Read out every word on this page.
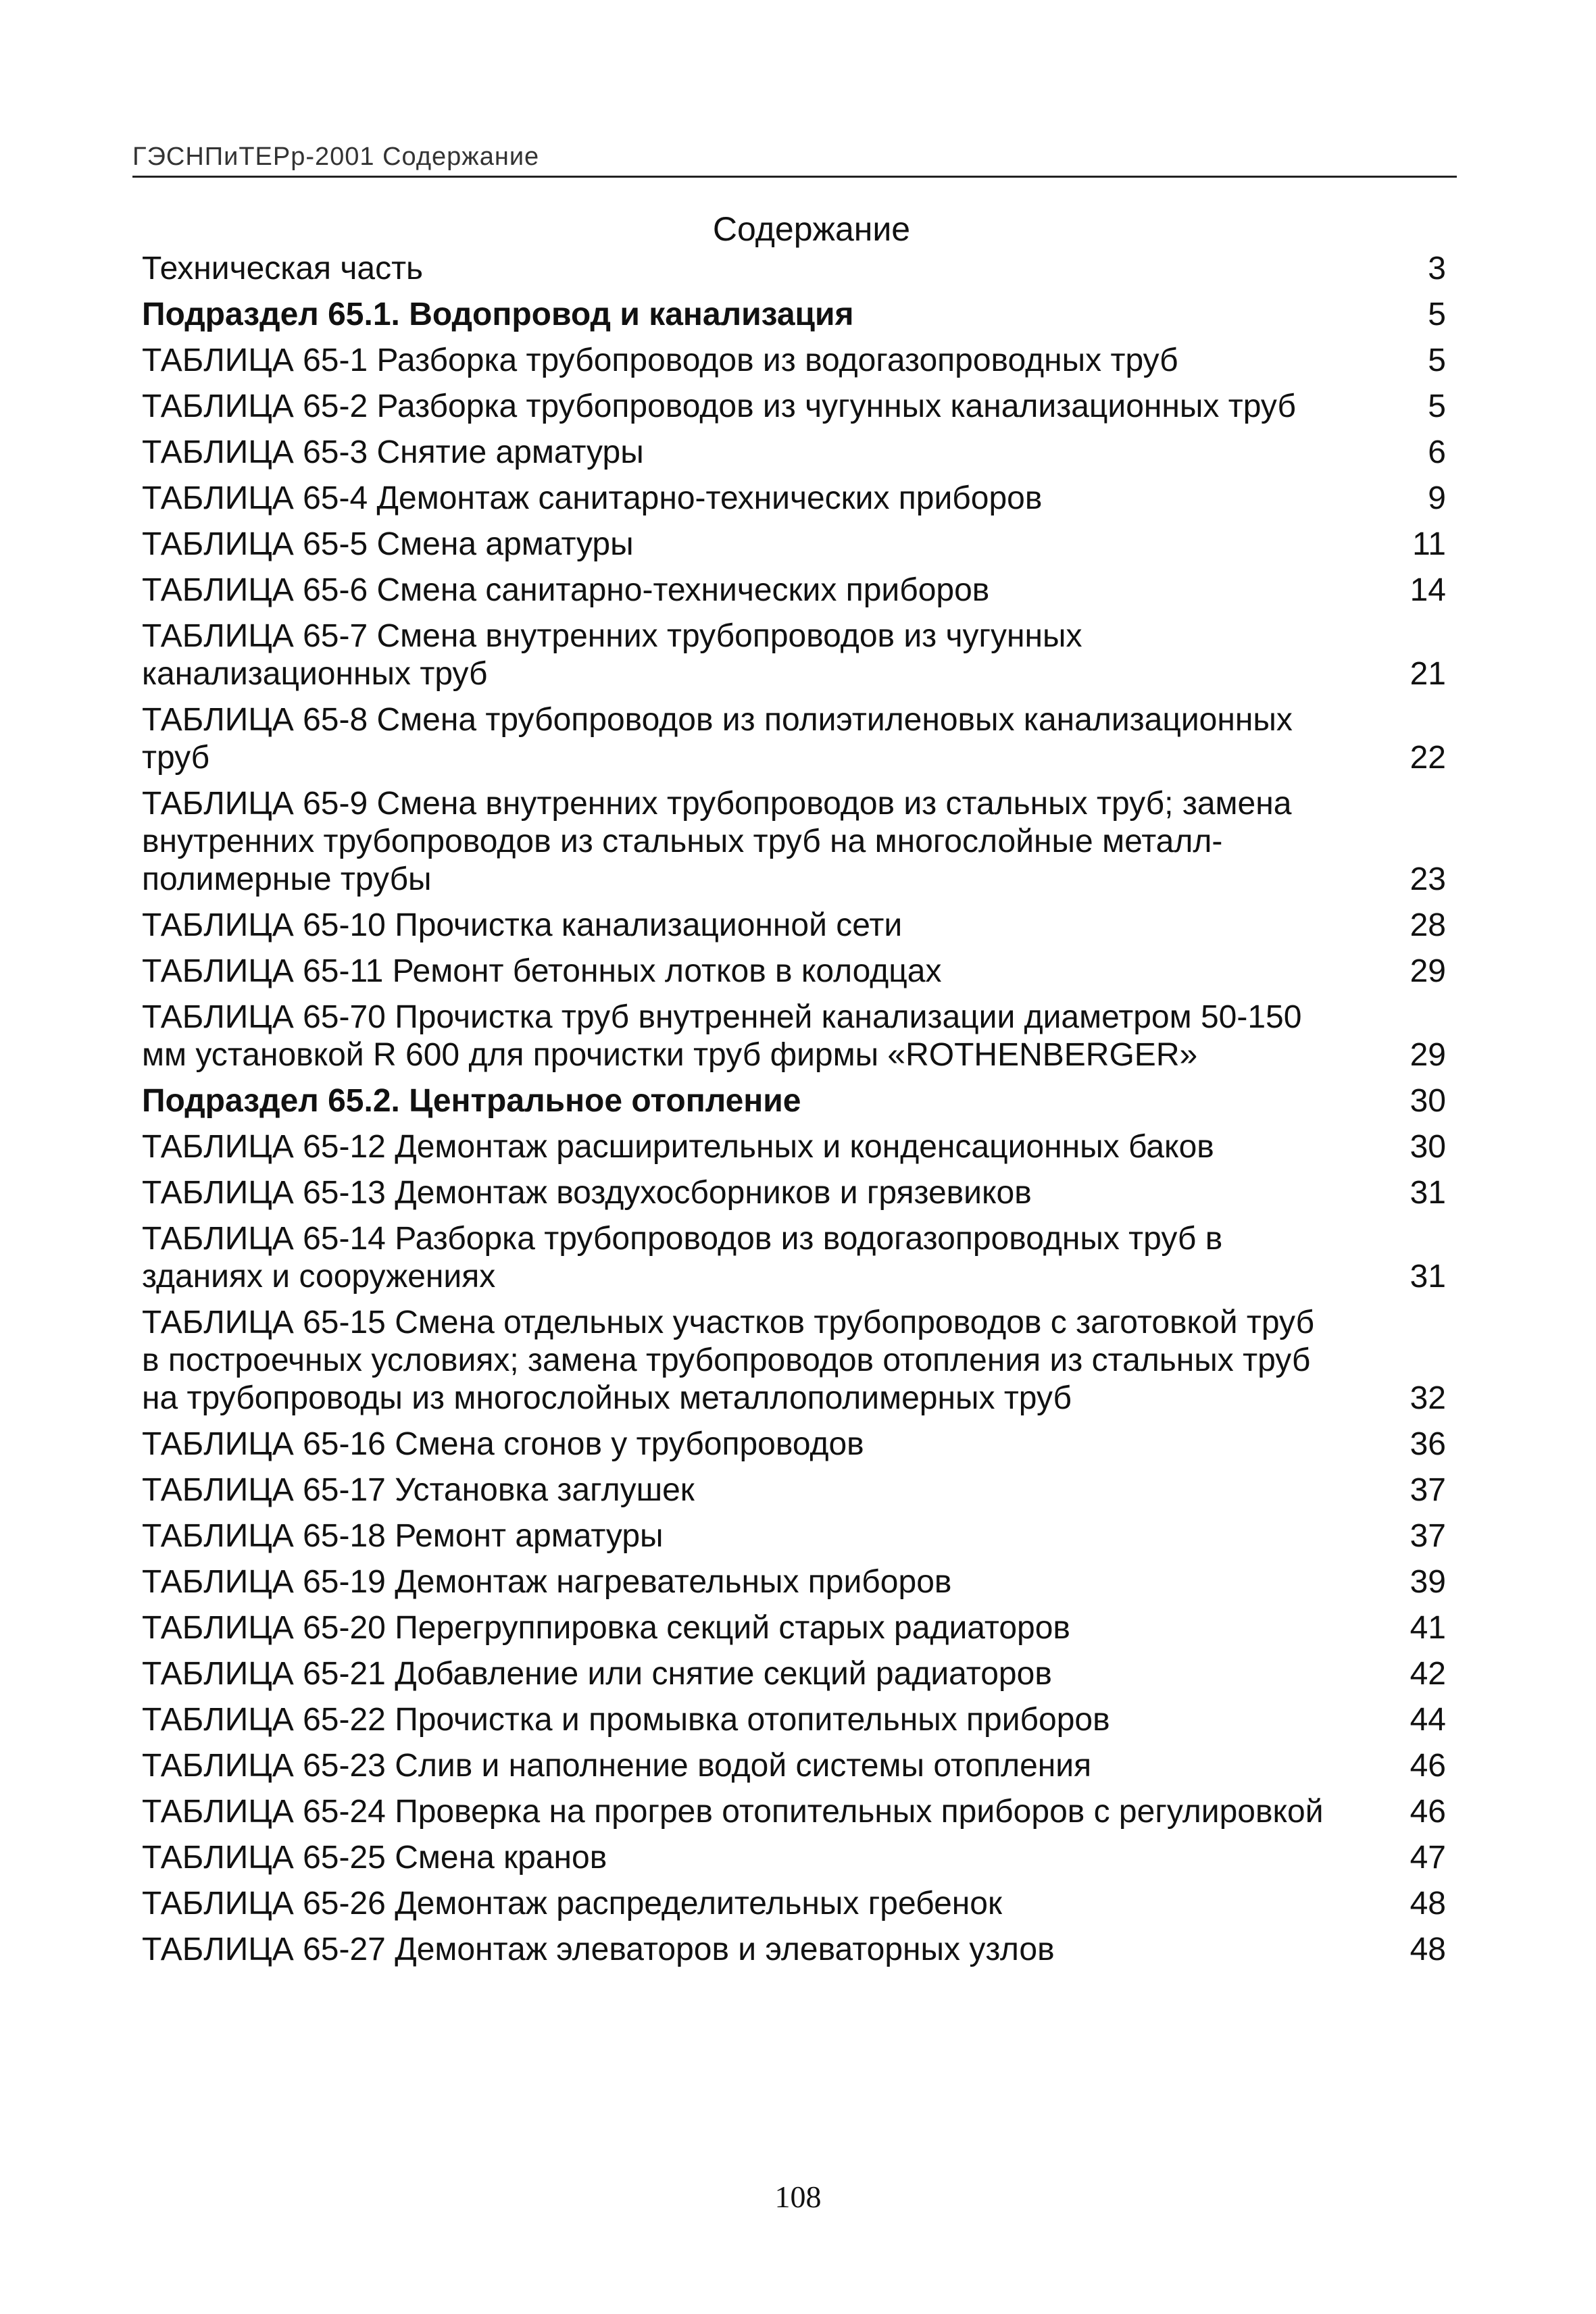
ГЭСНПиТЕРр-2001 Содержание
Содержание
Техническая часть	3
Подраздел 65.1. Водопровод и канализация	5
ТАБЛИЦА 65-1 Разборка трубопроводов из водогазопроводных труб	5
ТАБЛИЦА 65-2 Разборка трубопроводов из чугунных канализационных труб	5
ТАБЛИЦА 65-3 Снятие арматуры	6
ТАБЛИЦА 65-4 Демонтаж санитарно-технических приборов	9
ТАБЛИЦА 65-5 Смена арматуры	11
ТАБЛИЦА 65-6 Смена санитарно-технических приборов	14
ТАБЛИЦА 65-7 Смена внутренних трубопроводов из чугунных канализационных труб	21
ТАБЛИЦА 65-8 Смена трубопроводов из полиэтиленовых канализационных труб	22
ТАБЛИЦА 65-9 Смена внутренних трубопроводов из стальных труб; замена внутренних трубопроводов из стальных труб на многослойные металл-полимерные трубы	23
ТАБЛИЦА 65-10 Прочистка канализационной сети	28
ТАБЛИЦА 65-11 Ремонт бетонных лотков в колодцах	29
ТАБЛИЦА 65-70 Прочистка труб внутренней канализации диаметром 50-150 мм установкой R 600 для прочистки труб фирмы «ROTHENBERGER»	29
Подраздел 65.2. Центральное отопление	30
ТАБЛИЦА 65-12 Демонтаж расширительных и конденсационных баков	30
ТАБЛИЦА 65-13 Демонтаж воздухосборников и грязевиков	31
ТАБЛИЦА 65-14 Разборка трубопроводов из водогазопроводных труб в зданиях и сооружениях	31
ТАБЛИЦА 65-15 Смена отдельных участков трубопроводов с заготовкой труб в построечных условиях; замена трубопроводов отопления из стальных труб на трубопроводы из многослойных металлополимерных труб	32
ТАБЛИЦА 65-16 Смена сгонов у трубопроводов	36
ТАБЛИЦА 65-17 Установка заглушек	37
ТАБЛИЦА 65-18 Ремонт арматуры	37
ТАБЛИЦА 65-19 Демонтаж нагревательных приборов	39
ТАБЛИЦА 65-20 Перегруппировка секций старых радиаторов	41
ТАБЛИЦА 65-21 Добавление или снятие секций радиаторов	42
ТАБЛИЦА 65-22 Прочистка и промывка отопительных приборов	44
ТАБЛИЦА 65-23 Слив и наполнение водой системы отопления	46
ТАБЛИЦА 65-24 Проверка на прогрев отопительных приборов с регулировкой	46
ТАБЛИЦА 65-25 Смена кранов	47
ТАБЛИЦА 65-26 Демонтаж распределительных гребенок	48
ТАБЛИЦА 65-27 Демонтаж элеваторов и элеваторных узлов	48
108
